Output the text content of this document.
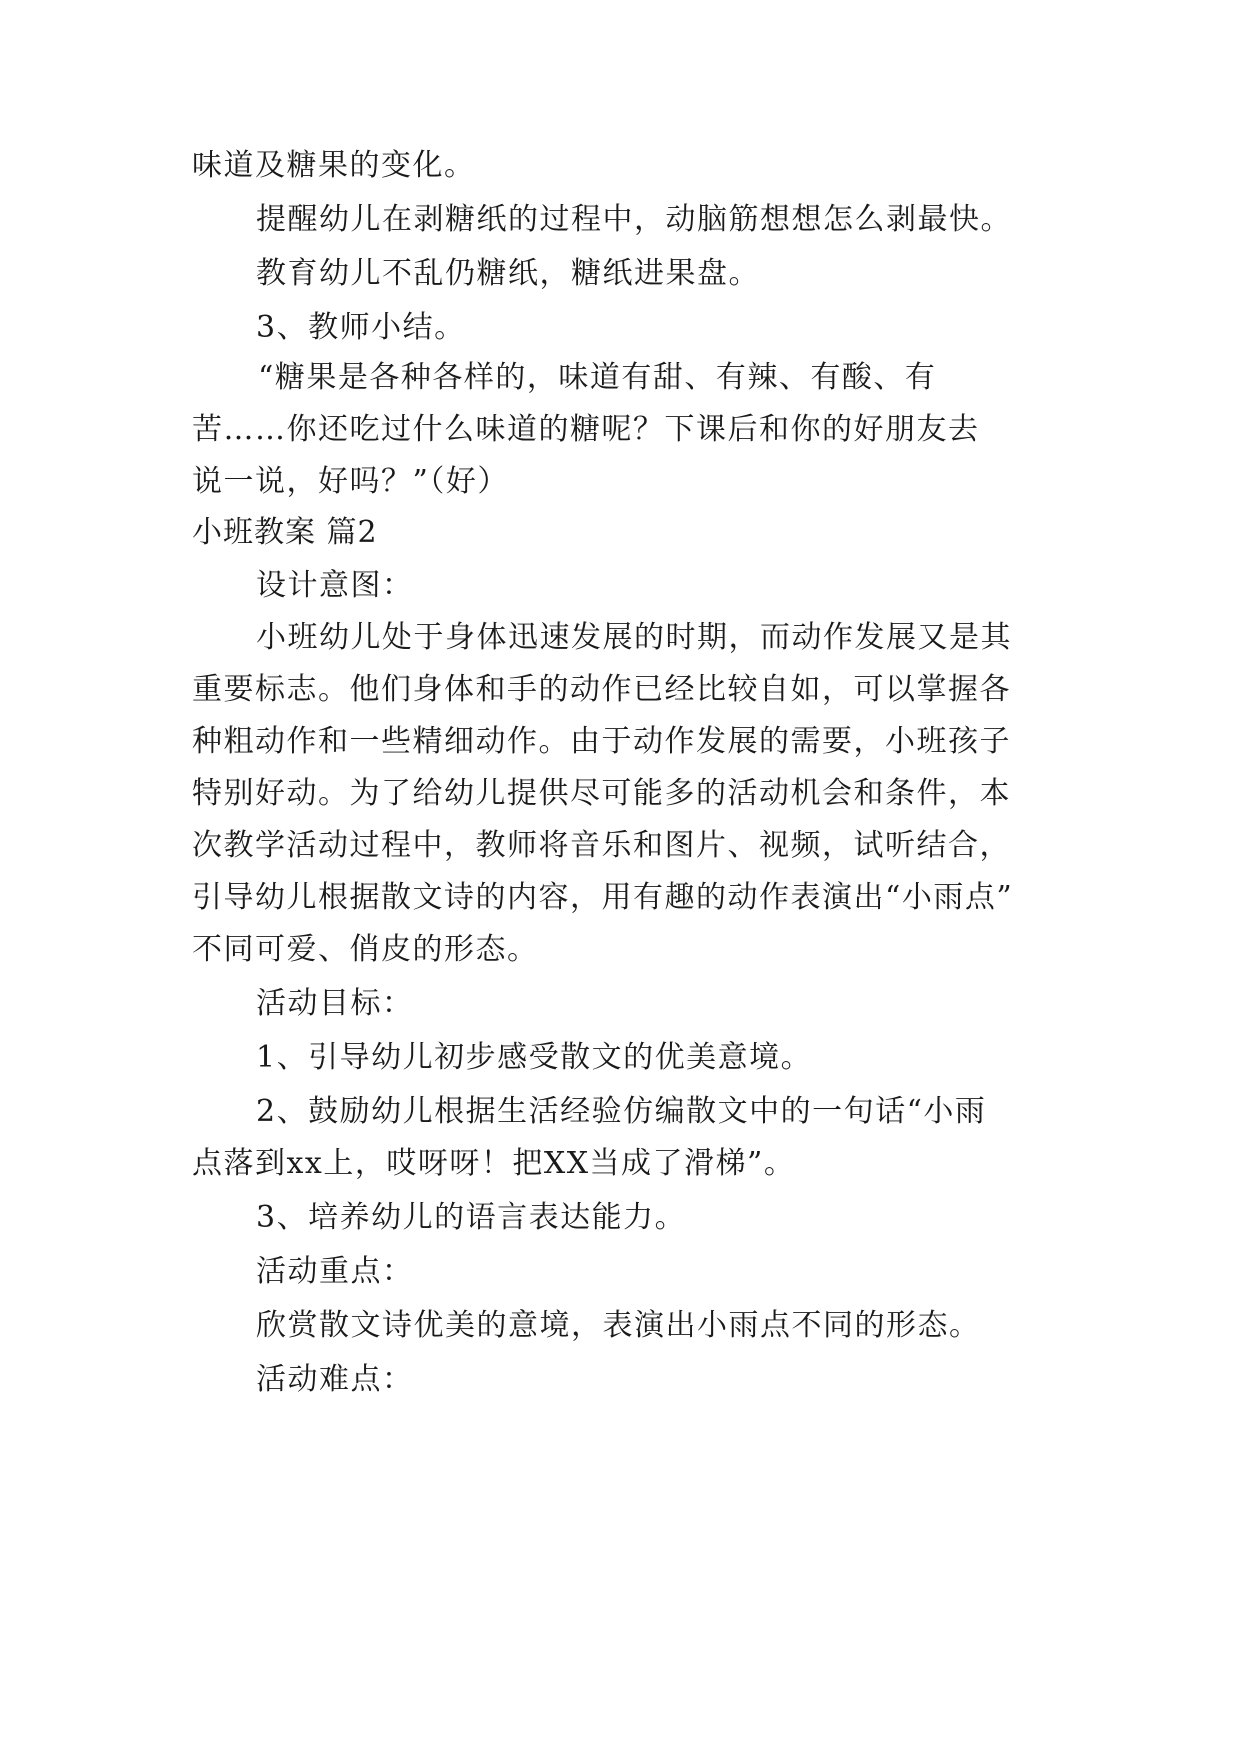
味道及糖果的变化。
提醒幼儿在剥糖纸的过程中，动脑筋想想怎么剥最快。
教育幼儿不乱仍糖纸，糖纸进果盘。
3、教师小结。
“糖果是各种各样的，味道有甜、有辣、有酸、有
苦……你还吃过什么味道的糖呢？下课后和你的好朋友去
说一说，好吗？”（好）
小班教案 篇2
设计意图：
小班幼儿处于身体迅速发展的时期，而动作发展又是其
重要标志。他们身体和手的动作已经比较自如，可以掌握各
种粗动作和一些精细动作。由于动作发展的需要，小班孩子
特别好动。为了给幼儿提供尽可能多的活动机会和条件，本
次教学活动过程中，教师将音乐和图片、视频，试听结合，
引导幼儿根据散文诗的内容，用有趣的动作表演出“小雨点”
不同可爱、俏皮的形态。
活动目标：
1、引导幼儿初步感受散文的优美意境。
2、鼓励幼儿根据生活经验仿编散文中的一句话“小雨
点落到xx上，哎呀呀！把XX当成了滑梯”。
3、培养幼儿的语言表达能力。
活动重点：
欣赏散文诗优美的意境，表演出小雨点不同的形态。
活动难点：
